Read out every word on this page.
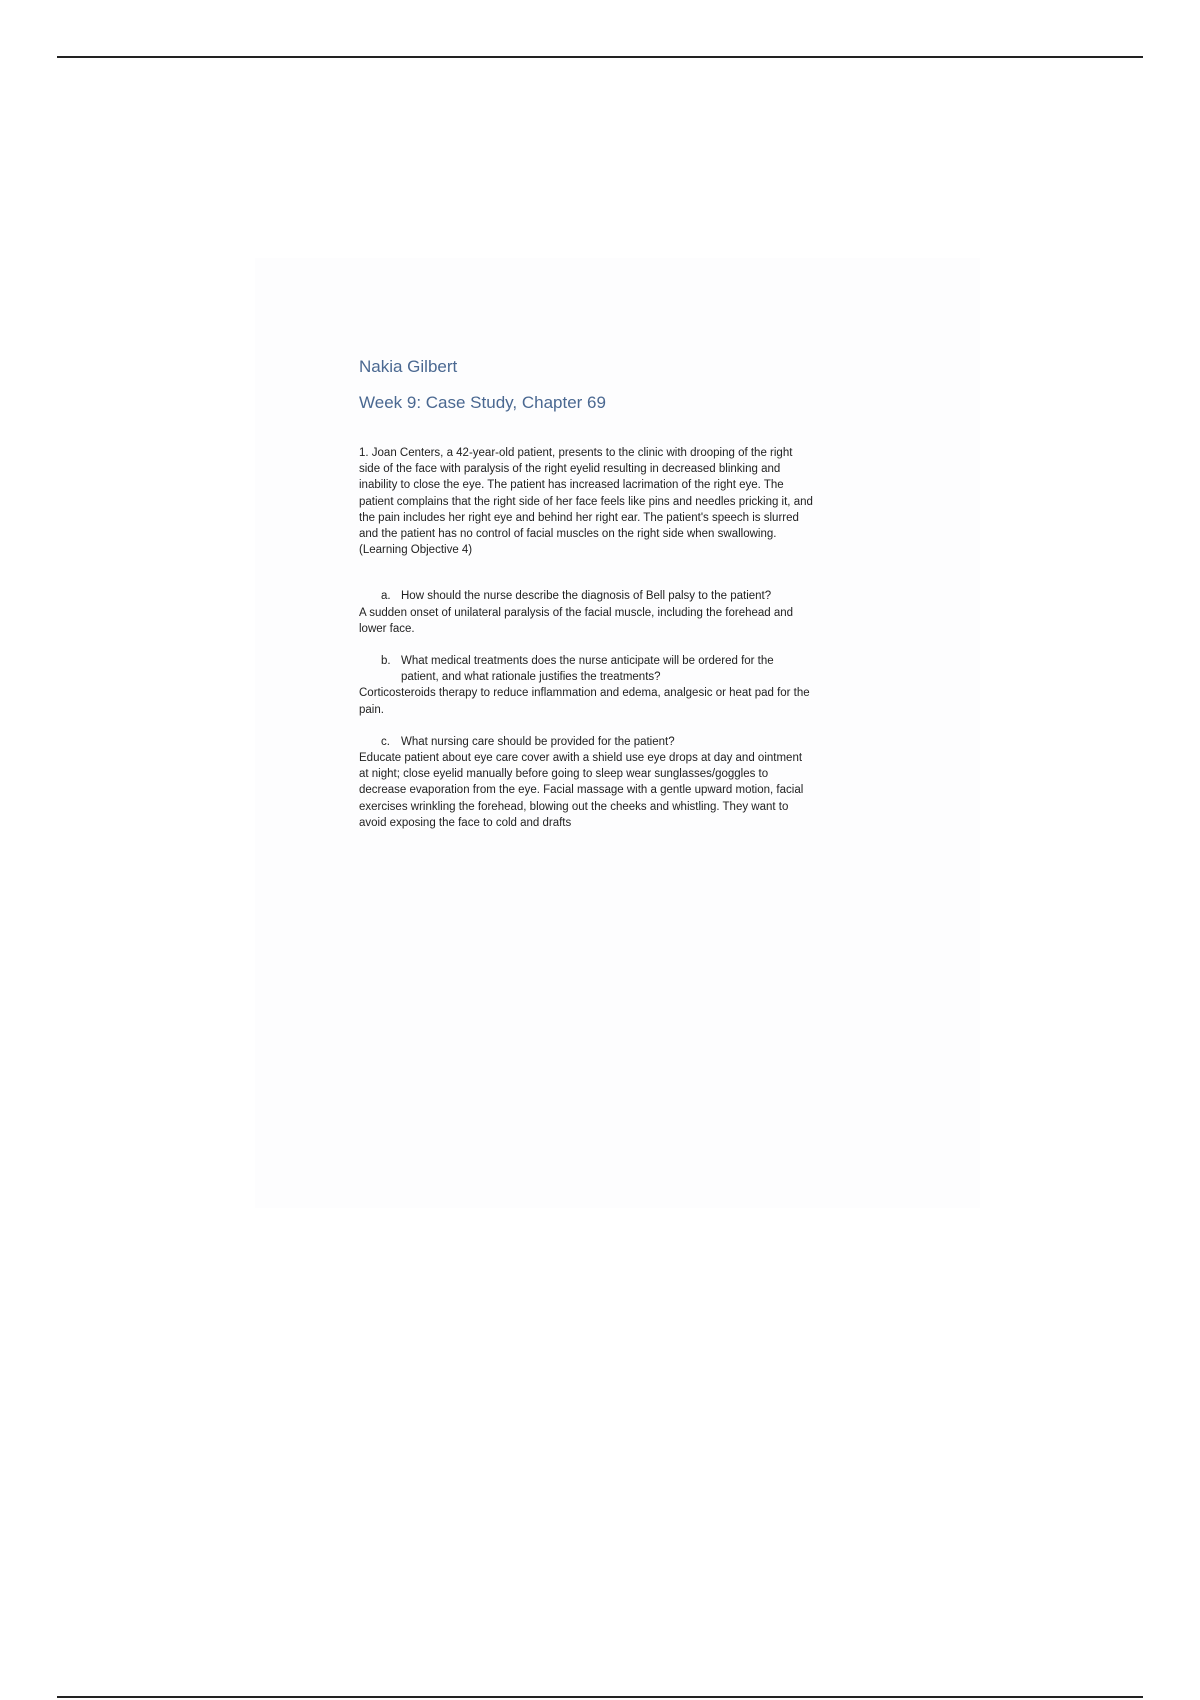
Nakia Gilbert

Week 9: Case Study, Chapter 69

1. Joan Centers, a 42-year-old patient, presents to the clinic with drooping of the right side of the face with paralysis of the right eyelid resulting in decreased blinking and inability to close the eye. The patient has increased lacrimation of the right eye. The patient complains that the right side of her face feels like pins and needles pricking it, and the pain includes her right eye and behind her right ear. The patient's speech is slurred and the patient has no control of facial muscles on the right side when swallowing. (Learning Objective 4)

a. How should the nurse describe the diagnosis of Bell palsy to the patient?

A sudden onset of unilateral paralysis of the facial muscle, including the forehead and lower face.

b. What medical treatments does the nurse anticipate will be ordered for the patient, and what rationale justifies the treatments?

Corticosteroids therapy to reduce inflammation and edema, analgesic or heat pad for the pain.

c. What nursing care should be provided for the patient?

Educate patient about eye care cover awith a shield use eye drops at day and ointment at night; close eyelid manually before going to sleep wear sunglasses/goggles to decrease evaporation from the eye. Facial massage with a gentle upward motion, facial exercises wrinkling the forehead, blowing out the cheeks and whistling. They want to avoid exposing the face to cold and drafts
